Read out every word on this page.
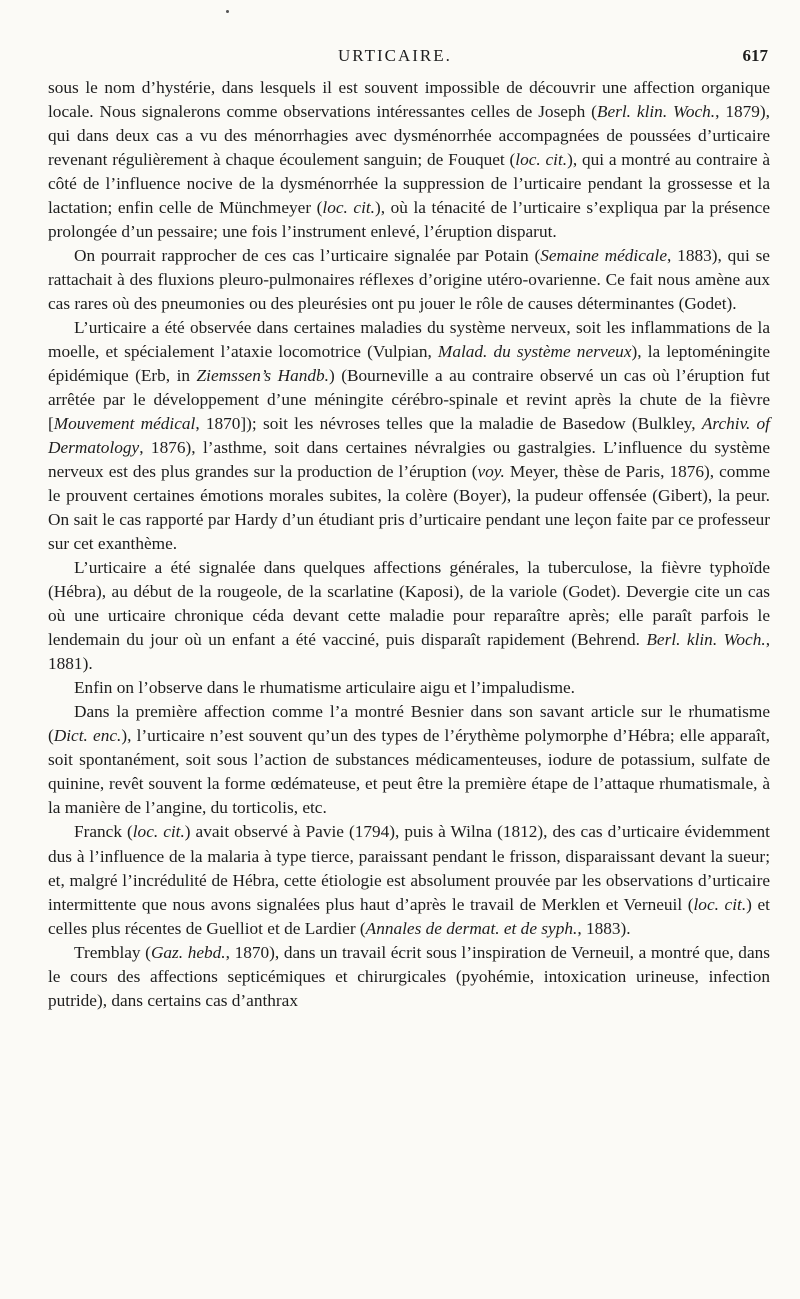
URTICAIRE.	617

sous le nom d’hystérie, dans lesquels il est souvent impossible de découvrir une affection organique locale. Nous signalerons comme observations intéressantes celles de Joseph (Berl. klin. Woch., 1879), qui dans deux cas a vu des ménorrhagies avec dysménorrhée accompagnées de poussées d’urticaire revenant régulièrement à chaque écoulement sanguin; de Fouquet (loc. cit.), qui a montré au contraire à côté de l’influence nocive de la dysménorrhée la suppression de l’urticaire pendant la grossesse et la lactation; enfin celle de Münchmeyer (loc. cit.), où la ténacité de l’urticaire s’expliqua par la présence prolongée d’un pessaire; une fois l’instrument enlevé, l’éruption disparut.

On pourrait rapprocher de ces cas l’urticaire signalée par Potain (Semaine médicale, 1883), qui se rattachait à des fluxions pleuro-pulmonaires réflexes d’origine utéro-ovarienne. Ce fait nous amène aux cas rares où des pneumonies ou des pleurésies ont pu jouer le rôle de causes déterminantes (Godet).

L’urticaire a été observée dans certaines maladies du système nerveux, soit les inflammations de la moelle, et spécialement l’ataxie locomotrice (Vulpian, Malad. du système nerveux), la leptoméningite épidémique (Erb, in Ziemssen’s Handb.) (Bourneville a au contraire observé un cas où l’éruption fut arrêtée par le développement d’une méningite cérébro-spinale et revint après la chute de la fièvre [Mouvement médical, 1870]); soit les névroses telles que la maladie de Basedow (Bulkley, Archiv. of Dermatology, 1876), l’asthme, soit dans certaines névralgies ou gastralgies. L’influence du système nerveux est des plus grandes sur la production de l’éruption (voy. Meyer, thèse de Paris, 1876), comme le prouvent certaines émotions morales subites, la colère (Boyer), la pudeur offensée (Gibert), la peur. On sait le cas rapporté par Hardy d’un étudiant pris d’urticaire pendant une leçon faite par ce professeur sur cet exanthème.

L’urticaire a été signalée dans quelques affections générales, la tuberculose, la fièvre typhoïde (Hébra), au début de la rougeole, de la scarlatine (Kaposi), de la variole (Godet). Devergie cite un cas où une urticaire chronique céda devant cette maladie pour reparaître après; elle paraît parfois le lendemain du jour où un enfant a été vacciné, puis disparaît rapidement (Behrend. Berl. klin. Woch., 1881).

Enfin on l’observe dans le rhumatisme articulaire aigu et l’impaludisme.

Dans la première affection comme l’a montré Besnier dans son savant article sur le rhumatisme (Dict. enc.), l’urticaire n’est souvent qu’un des types de l’érythème polymorphe d’Hébra; elle apparaît, soit spontanément, soit sous l’action de substances médicamenteuses, iodure de potassium, sulfate de quinine, revêt souvent la forme œdémateuse, et peut être la première étape de l’attaque rhumatismale, à la manière de l’angine, du torticolis, etc.

Franck (loc. cit.) avait observé à Pavie (1794), puis à Wilna (1812), des cas d’urticaire évidemment dus à l’influence de la malaria à type tierce, paraissant pendant le frisson, disparaissant devant la sueur; et, malgré l’incrédulité de Hébra, cette étiologie est absolument prouvée par les observations d’urticaire intermittente que nous avons signalées plus haut d’après le travail de Merklen et Verneuil (loc. cit.) et celles plus récentes de Guelliot et de Lardier (Annales de dermat. et de syph., 1883).

Tremblay (Gaz. hebd., 1870), dans un travail écrit sous l’inspiration de Verneuil, a montré que, dans le cours des affections septicémiques et chirurgicales (pyohémie, intoxication urineuse, infection putride), dans certains cas d’anthrax
